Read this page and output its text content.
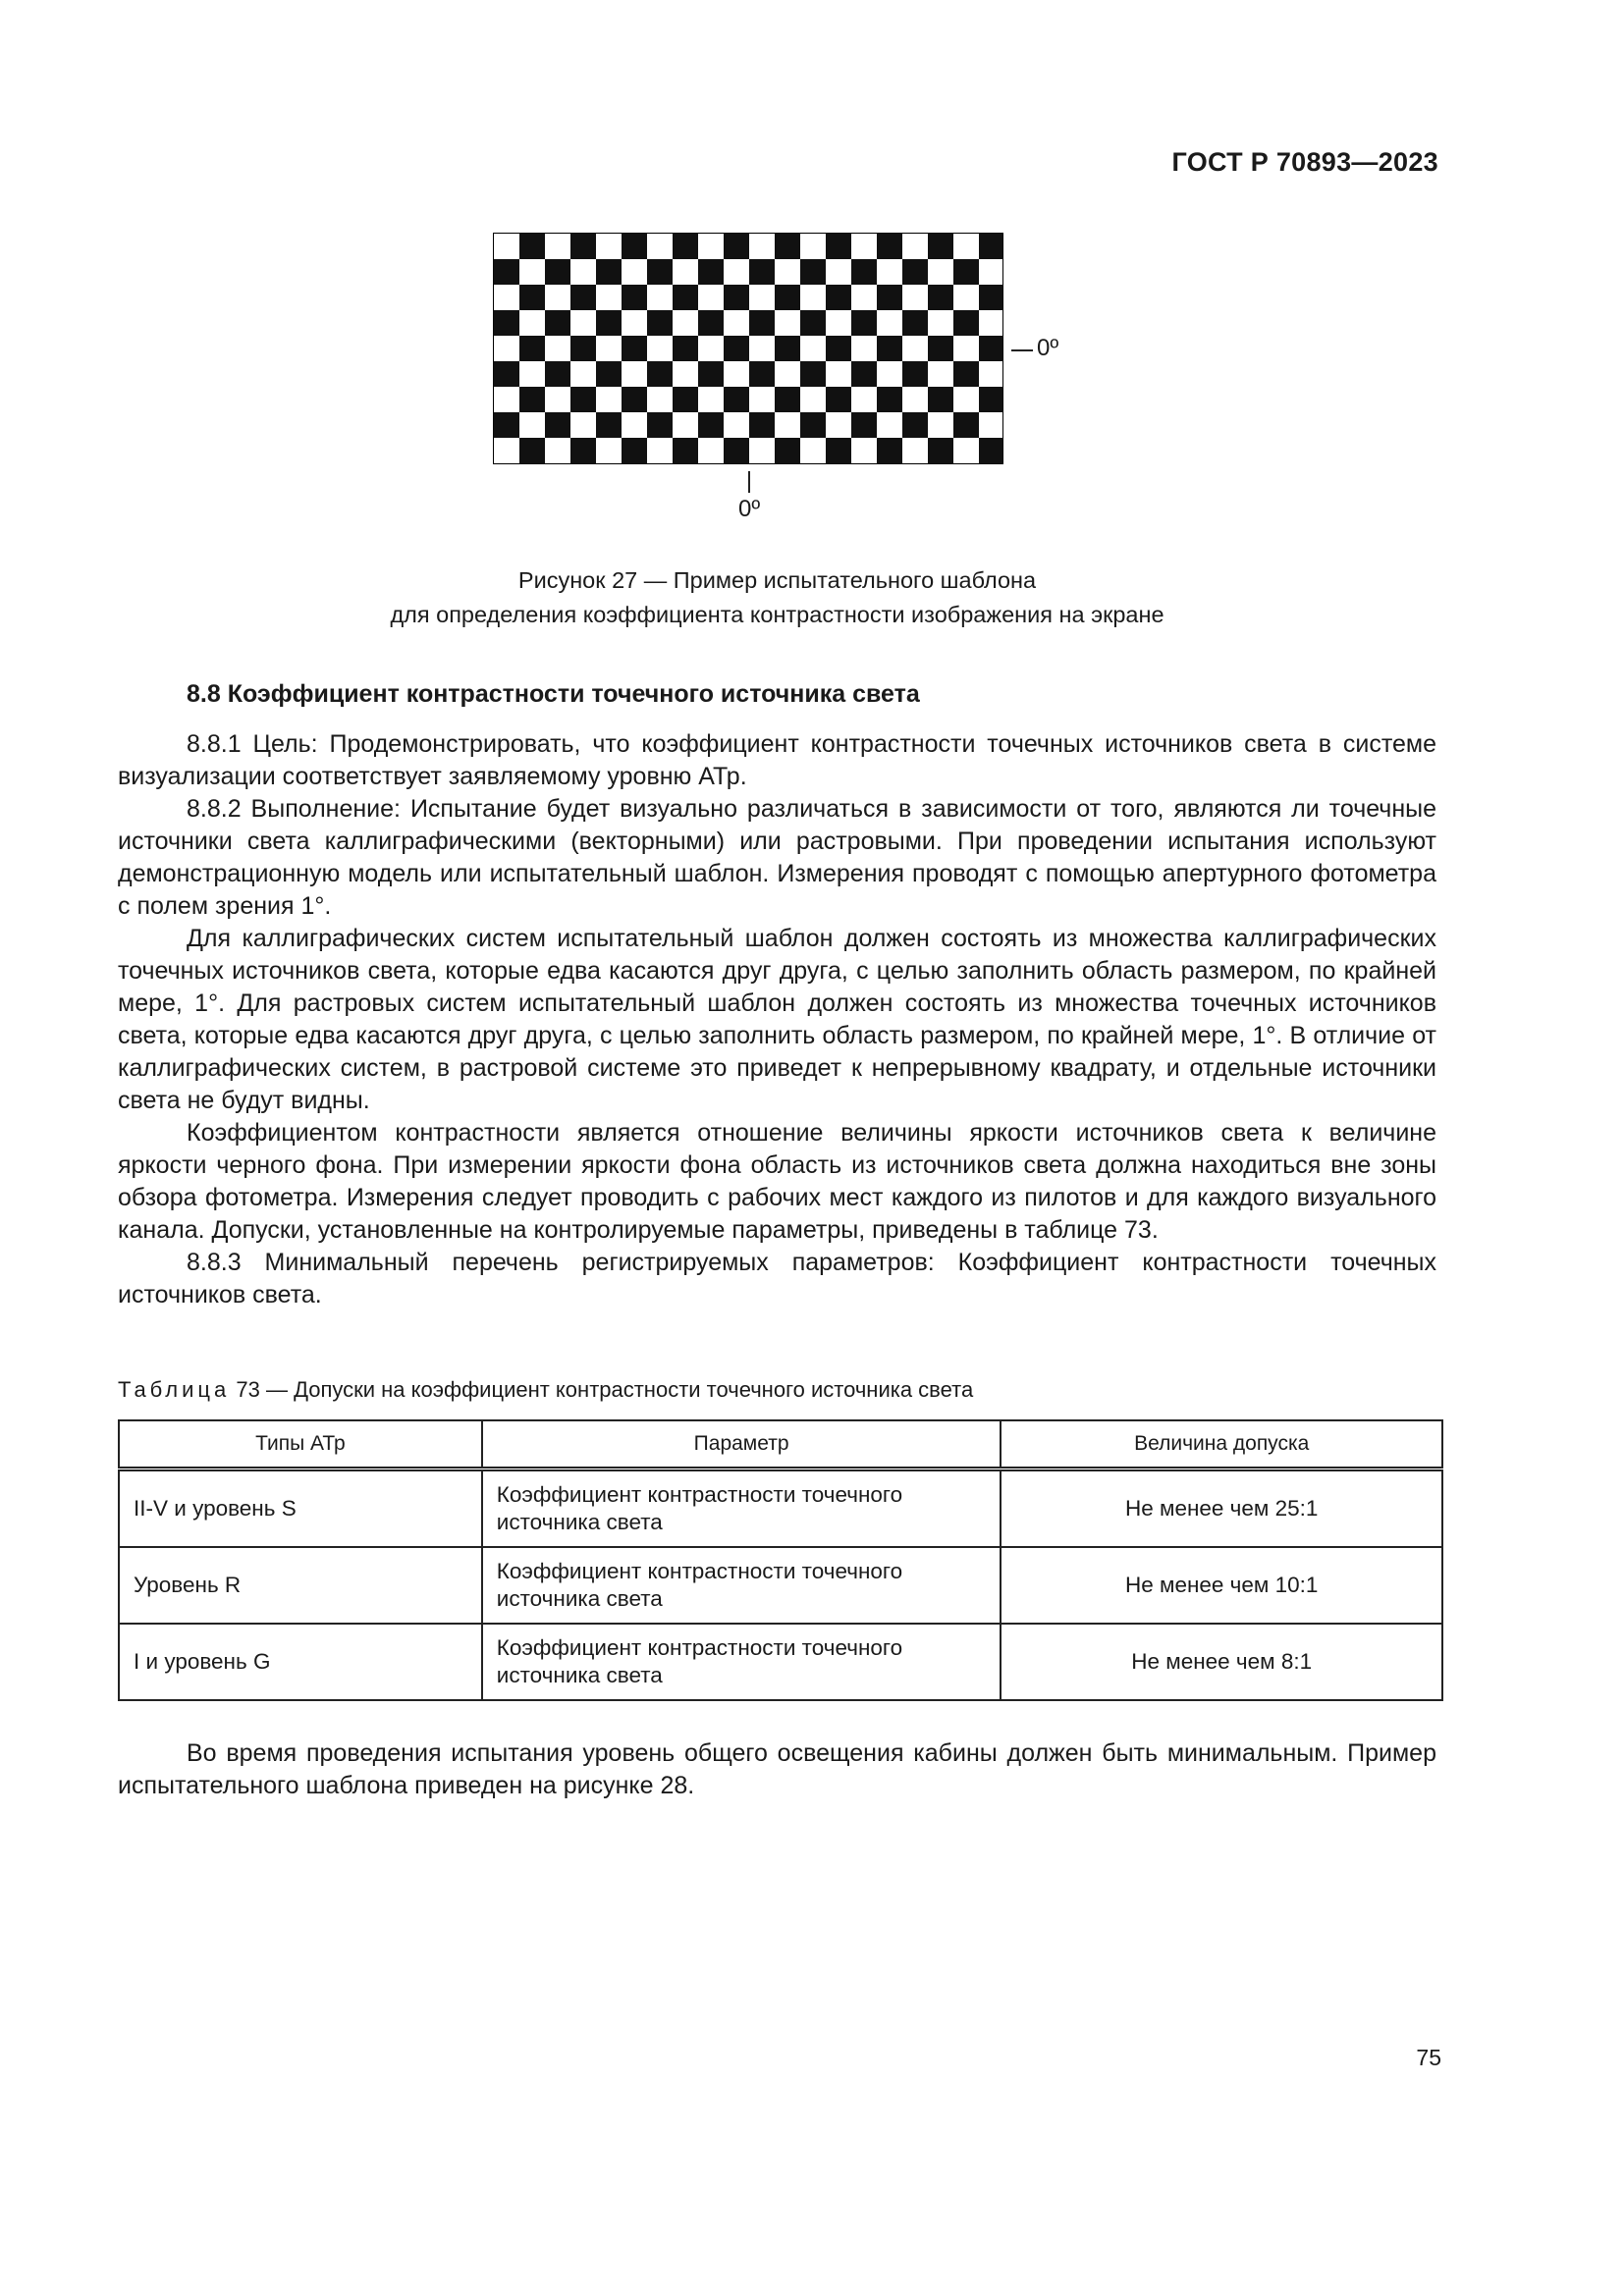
ГОСТ Р 70893—2023
0º
0º
Рисунок 27 — Пример испытательного шаблона
для определения коэффициента контрастности изображения на экране
8.8 Коэффициент контрастности точечного источника света

8.8.1 Цель: Продемонстрировать, что коэффициент контрастности точечных источников света в системе визуализации соответствует заявляемому уровню АТр.

8.8.2 Выполнение: Испытание будет визуально различаться в зависимости от того, являются ли точечные источники света каллиграфическими (векторными) или растровыми. При проведении испытания используют демонстрационную модель или испытательный шаблон. Измерения проводят с помощью апертурного фотометра с полем зрения 1°.

Для каллиграфических систем испытательный шаблон должен состоять из множества каллиграфических точечных источников света, которые едва касаются друг друга, с целью заполнить область размером, по крайней мере, 1°. Для растровых систем испытательный шаблон должен состоять из множества точечных источников света, которые едва касаются друг друга, с целью заполнить область размером, по крайней мере, 1°. В отличие от каллиграфических систем, в растровой системе это приведет к непрерывному квадрату, и отдельные источники света не будут видны.

Коэффициентом контрастности является отношение величины яркости источников света к величине яркости черного фона. При измерении яркости фона область из источников света должна находиться вне зоны обзора фотометра. Измерения следует проводить с рабочих мест каждого из пилотов и для каждого визуального канала. Допуски, установленные на контролируемые параметры, приведены в таблице 73.

8.8.3 Минимальный перечень регистрируемых параметров: Коэффициент контрастности точечных источников света.

Таблица 73 — Допуски на коэффициент контрастности точечного источника света
Типы АТр	Параметр	Величина допуска
II-V и уровень S	Коэффициент контрастности точечного источника света	Не менее чем 25:1
Уровень R	Коэффициент контрастности точечного источника света	Не менее чем 10:1
I и уровень G	Коэффициент контрастности точечного источника света	Не менее чем 8:1

Во время проведения испытания уровень общего освещения кабины должен быть минимальным. Пример испытательного шаблона приведен на рисунке 28.

75
